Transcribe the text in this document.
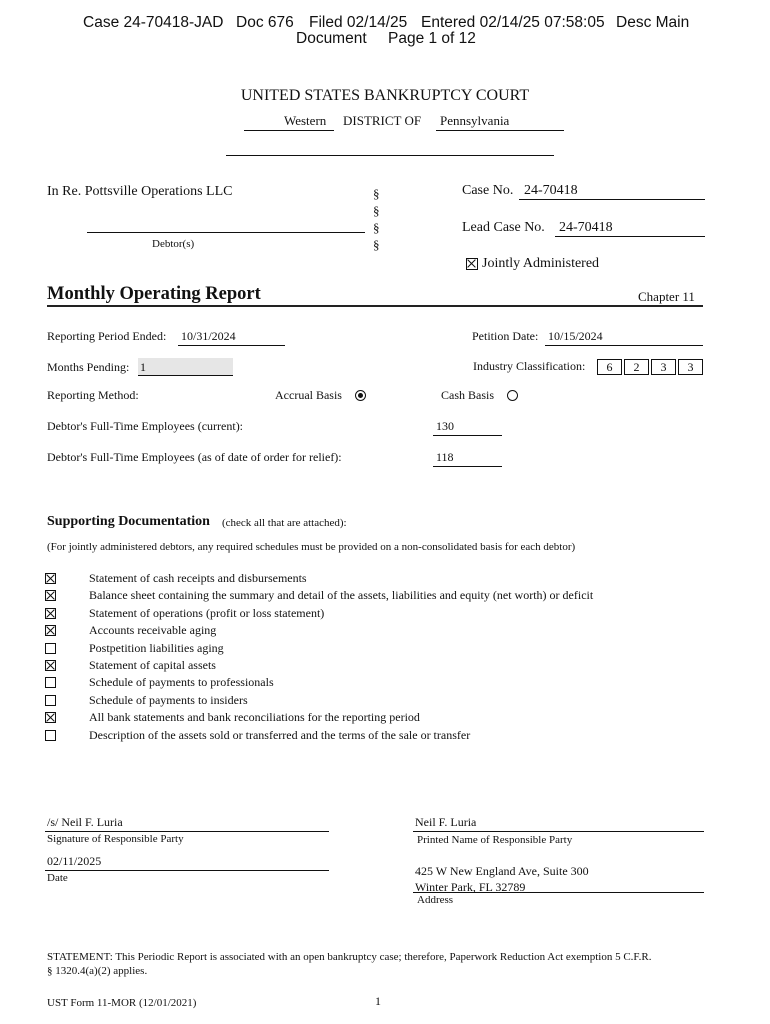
Case 24-70418-JAD Doc 676 Filed 02/14/25 Entered 02/14/25 07:58:05 Desc Main
Document Page 1 of 12
UNITED STATES BANKRUPTCY COURT
Western DISTRICT OF Pennsylvania
In Re. Pottsville Operations LLC
Debtor(s)
§
§
§
§
Case No. 24-70418
Lead Case No. 24-70418
Jointly Administered
Monthly Operating Report	Chapter 11
Reporting Period Ended: 10/31/2024	Petition Date: 10/15/2024
Months Pending: 1	Industry Classification:	6	2	3	3
Reporting Method:	Accrual Basis	Cash Basis
Debtor's Full-Time Employees (current):	130
Debtor's Full-Time Employees (as of date of order for relief):	118
Supporting Documentation (check all that are attached):
(For jointly administered debtors, any required schedules must be provided on a non-consolidated basis for each debtor)
Statement of cash receipts and disbursements
Balance sheet containing the summary and detail of the assets, liabilities and equity (net worth) or deficit
Statement of operations (profit or loss statement)
Accounts receivable aging
Postpetition liabilities aging
Statement of capital assets
Schedule of payments to professionals
Schedule of payments to insiders
All bank statements and bank reconciliations for the reporting period
Description of the assets sold or transferred and the terms of the sale or transfer
/s/ Neil F. Luria
Signature of Responsible Party
Neil F. Luria
Printed Name of Responsible Party
02/11/2025
Date	425 W New England Ave, Suite 300
Winter Park, FL 32789
Address
STATEMENT: This Periodic Report is associated with an open bankruptcy case; therefore, Paperwork Reduction Act exemption 5 C.F.R.
§ 1320.4(a)(2) applies.
UST Form 11-MOR (12/01/2021)	1
